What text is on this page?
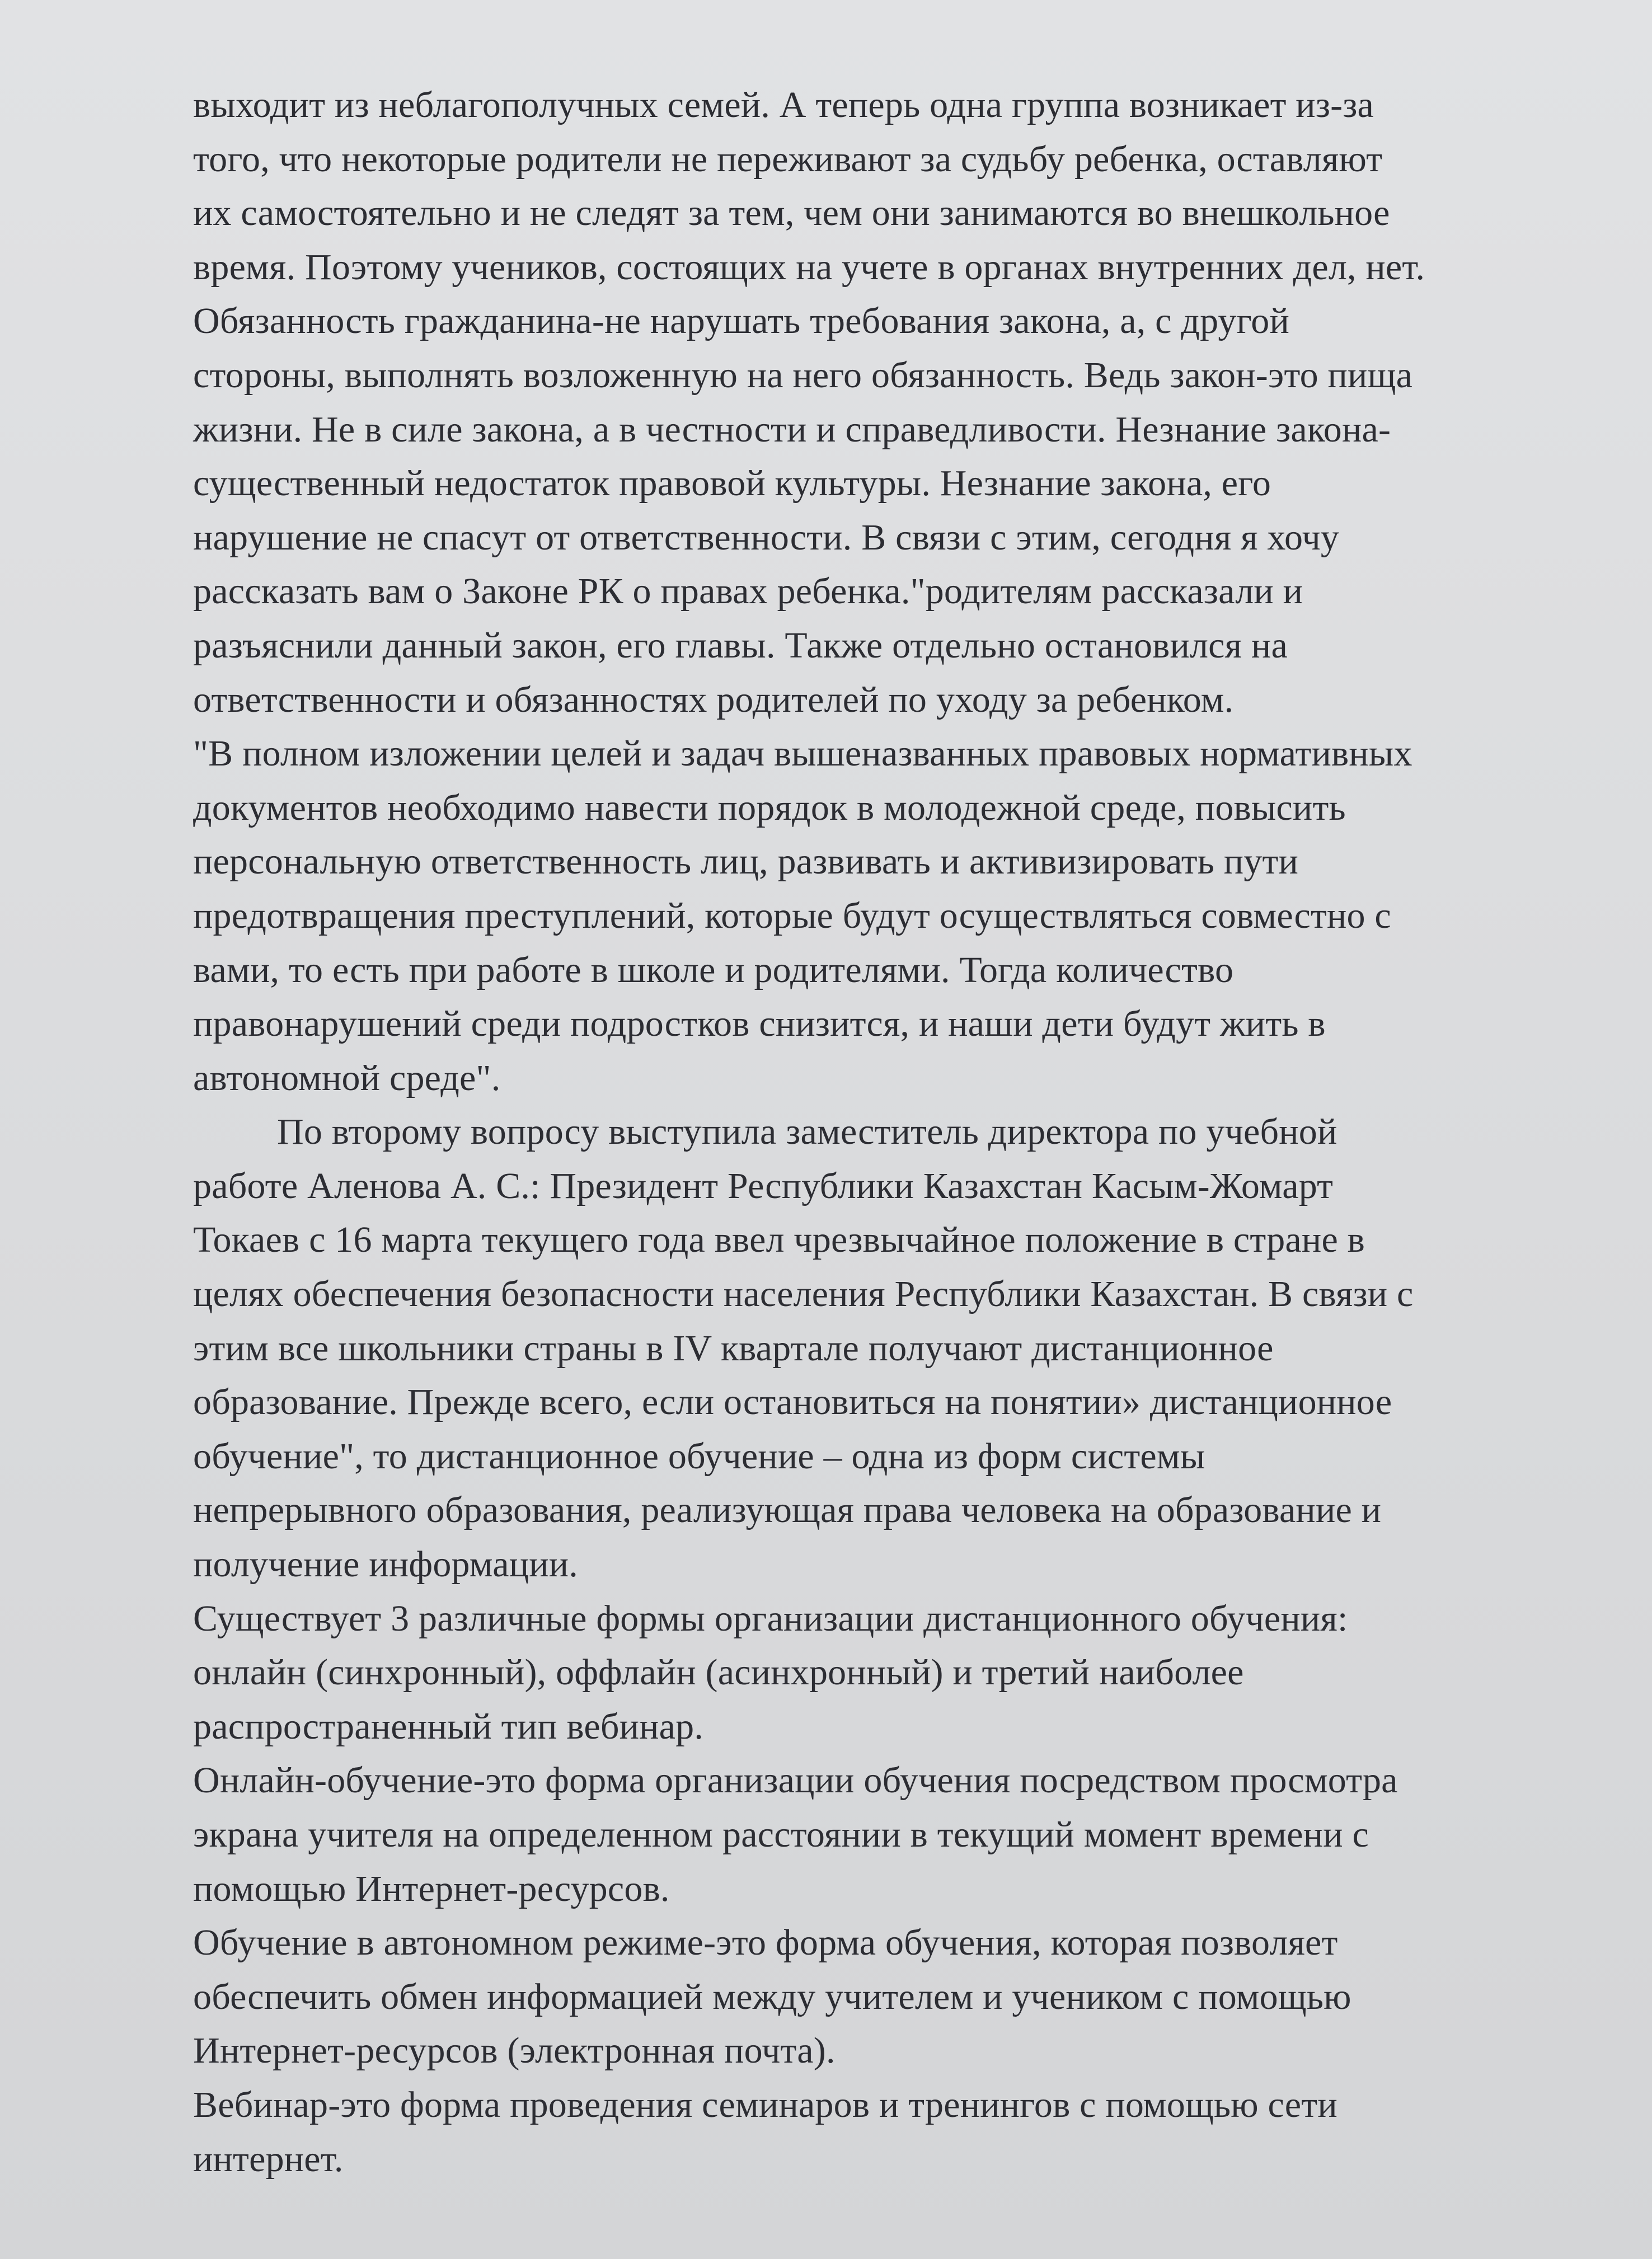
выходит из неблагополучных семей. А теперь одна группа возникает из-за
того, что некоторые родители не переживают за судьбу ребенка, оставляют
их самостоятельно и не следят за тем, чем они занимаются во внешкольное
время. Поэтому учеников, состоящих на учете в органах внутренних дел, нет.
Обязанность гражданина-не нарушать требования закона, а, с другой
стороны, выполнять возложенную на него обязанность. Ведь закон-это пища
жизни. Не в силе закона, а в честности и справедливости. Незнание закона-
существенный недостаток правовой культуры. Незнание закона, его
нарушение не спасут от ответственности. В связи с этим, сегодня я хочу
рассказать вам о Законе РК о правах ребенка."родителям рассказали и
разъяснили данный закон, его главы. Также отдельно остановился на
ответственности и обязанностях родителей по уходу за ребенком.
"В полном изложении целей и задач вышеназванных правовых нормативных
документов необходимо навести порядок в молодежной среде, повысить
персональную ответственность лиц, развивать и активизировать пути
предотвращения преступлений, которые будут осуществляться совместно с
вами, то есть при работе в школе и родителями. Тогда количество
правонарушений среди подростков снизится, и наши дети будут жить в
автономной среде".
По второму вопросу выступила заместитель директора по учебной
работе Аленова А. С.: Президент Республики Казахстан Касым-Жомарт
Токаев с 16 марта текущего года ввел чрезвычайное положение в стране в
целях обеспечения безопасности населения Республики Казахстан. В связи с
этим все школьники страны в IV квартале получают дистанционное
образование. Прежде всего, если остановиться на понятии» дистанционное
обучение", то дистанционное обучение – одна из форм системы
непрерывного образования, реализующая права человека на образование и
получение информации.
Существует 3 различные формы организации дистанционного обучения:
онлайн (синхронный), оффлайн (асинхронный) и третий наиболее
распространенный тип вебинар.
Онлайн-обучение-это форма организации обучения посредством просмотра
экрана учителя на определенном расстоянии в текущий момент времени с
помощью Интернет-ресурсов.
Обучение в автономном режиме-это форма обучения, которая позволяет
обеспечить обмен информацией между учителем и учеником с помощью
Интернет-ресурсов (электронная почта).
Вебинар-это форма проведения семинаров и тренингов с помощью сети
интернет.
